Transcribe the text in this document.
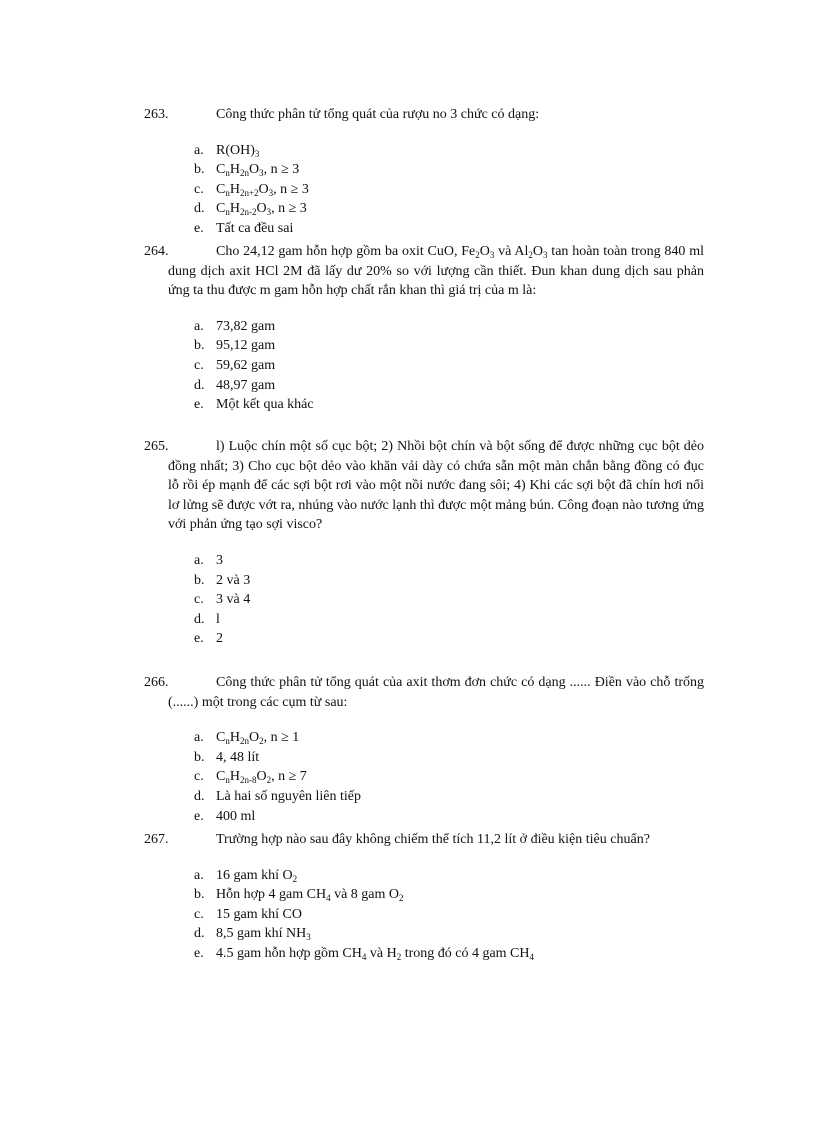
263.	Công thức phân tử tổng quát của rượu no 3 chức có dạng:
a. $R(OH)_3$
b. $C_nH_{2n}O_3$, n ≥ 3
c. $C_nH_{2n+2}O_3$, n ≥ 3
d. $C_nH_{2n-2}O_3$, n ≥ 3
e. Tất ca đều sai
264.	Cho 24,12 gam hỗn hợp gồm ba oxit CuO, $Fe_2O_3$ và $Al_2O_3$ tan hoàn toàn trong 840 ml dung dịch axit HCl 2M đã lấy dư 20% so với lượng cần thiết. Đun khan dung dịch sau phản ứng ta thu được m gam hỗn hợp chất rắn khan thì giá trị của m là:
a. 73,82 gam
b. 95,12 gam
c. 59,62 gam
d. 48,97 gam
e. Một kết qua khác
265.	l) Luộc chín một số cục bột; 2) Nhồi bột chín và bột sống để được những cục bột dẻo đồng nhất; 3) Cho cục bột dẻo vào khăn vải dày có chứa sẵn một màn chắn bằng đồng có đục lỗ rồi ép mạnh để các sợi bột rơi vào một nồi nước đang sôi; 4) Khi các sợi bột đã chín hơi nổi lơ lửng sẽ được vớt ra, nhúng vào nước lạnh thì được một mảng bún. Công đoạn nào tương ứng với phản ứng tạo sợi visco?
a. 3
b. 2 và 3
c. 3 và 4
d. l
e. 2
266.	Công thức phân tử tổng quát của axit thơm đơn chức có dạng ...... Điền vào chỗ trống (......) một trong các cụm từ sau:
a. $C_nH_{2n}O_2$, n ≥ 1
b. 4, 48 lít
c. $C_nH_{2n-8}O_2$, n ≥ 7
d. Là hai số nguyên liên tiếp
e. 400 ml
267.	Trường hợp nào sau đây không chiếm thể tích 11,2 lít ở điều kiện tiêu chuẩn?
a. 16 gam khí $O_2$
b. Hỗn hợp 4 gam $CH_4$ và 8 gam $O_2$
c. 15 gam khí CO
d. 8,5 gam khí $NH_3$
e. 4.5 gam hỗn hợp gồm $CH_4$ và $H_2$ trong đó có 4 gam $CH_4$
